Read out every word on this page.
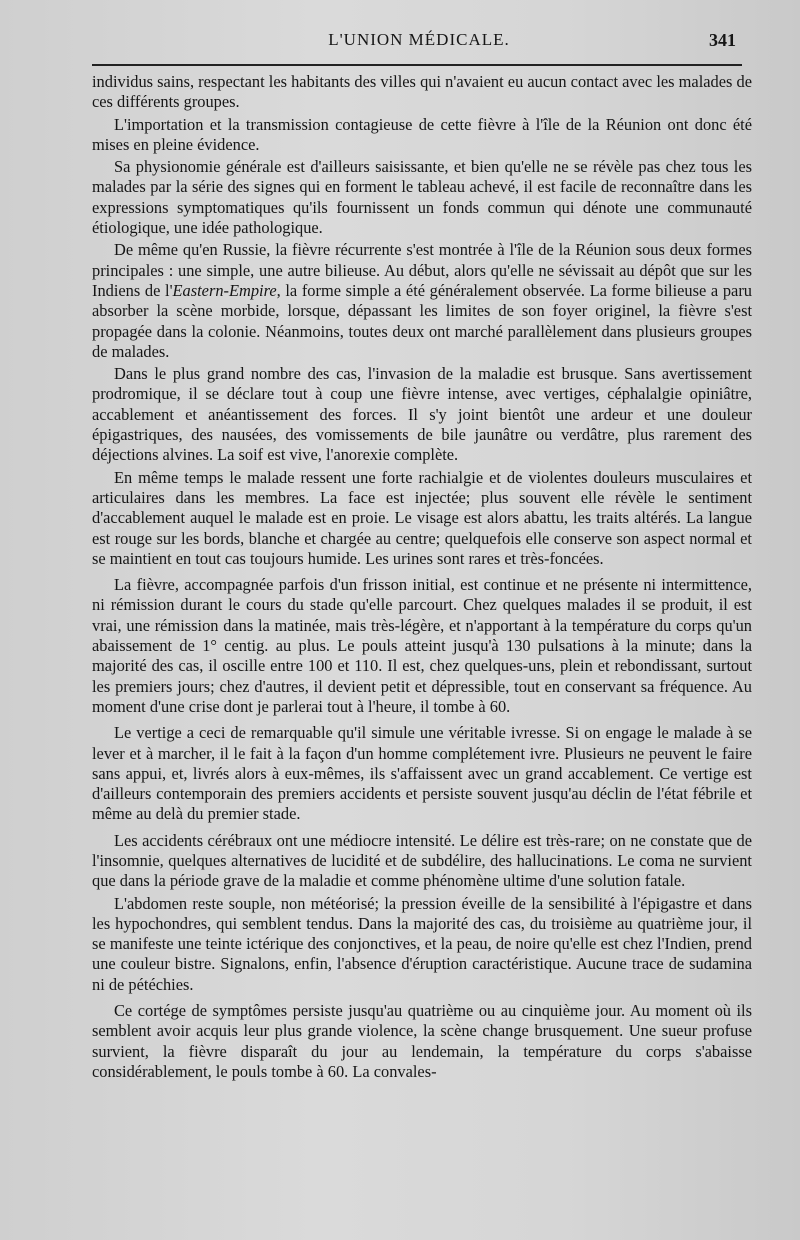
L'UNION MÉDICALE.	341

individus sains, respectant les habitants des villes qui n'avaient eu aucun contact avec les malades de ces différents groupes.

L'importation et la transmission contagieuse de cette fièvre à l'île de la Réunion ont donc été mises en pleine évidence.

Sa physionomie générale est d'ailleurs saisissante, et bien qu'elle ne se révèle pas chez tous les malades par la série des signes qui en forment le tableau achevé, il est facile de reconnaître dans les expressions symptomatiques qu'ils fournissent un fonds commun qui dénote une communauté étiologique, une idée pathologique.

De même qu'en Russie, la fièvre récurrente s'est montrée à l'île de la Réunion sous deux formes principales : une simple, une autre bilieuse. Au début, alors qu'elle ne sévissait au dépôt que sur les Indiens de l'Eastern-Empire, la forme simple a été généralement observée. La forme bilieuse a paru absorber la scène morbide, lorsque, dépassant les limites de son foyer originel, la fièvre s'est propagée dans la colonie. Néanmoins, toutes deux ont marché parallèlement dans plusieurs groupes de malades.

Dans le plus grand nombre des cas, l'invasion de la maladie est brusque. Sans avertissement prodromique, il se déclare tout à coup une fièvre intense, avec vertiges, céphalalgie opiniâtre, accablement et anéantissement des forces. Il s'y joint bientôt une ardeur et une douleur épigastriques, des nausées, des vomissements de bile jaunâtre ou verdâtre, plus rarement des déjections alvines. La soif est vive, l'anorexie complète.

En même temps le malade ressent une forte rachialgie et de violentes douleurs musculaires et articulaires dans les membres. La face est injectée; plus souvent elle révèle le sentiment d'accablement auquel le malade est en proie. Le visage est alors abattu, les traits altérés. La langue est rouge sur les bords, blanche et chargée au centre; quelquefois elle conserve son aspect normal et se maintient en tout cas toujours humide. Les urines sont rares et très-foncées.

La fièvre, accompagnée parfois d'un frisson initial, est continue et ne présente ni intermittence, ni rémission durant le cours du stade qu'elle parcourt. Chez quelques malades il se produit, il est vrai, une rémission dans la matinée, mais très-légère, et n'apportant à la température du corps qu'un abaissement de 1° centig. au plus. Le pouls atteint jusqu'à 130 pulsations à la minute; dans la majorité des cas, il oscille entre 100 et 110. Il est, chez quelques-uns, plein et rebondissant, surtout les premiers jours; chez d'autres, il devient petit et dépressible, tout en conservant sa fréquence. Au moment d'une crise dont je parlerai tout à l'heure, il tombe à 60.

Le vertige a ceci de remarquable qu'il simule une véritable ivresse. Si on engage le malade à se lever et à marcher, il le fait à la façon d'un homme complétement ivre. Plusieurs ne peuvent le faire sans appui, et, livrés alors à eux-mêmes, ils s'affaissent avec un grand accablement. Ce vertige est d'ailleurs contemporain des premiers accidents et persiste souvent jusqu'au déclin de l'état fébrile et même au delà du premier stade.

Les accidents cérébraux ont une médiocre intensité. Le délire est très-rare; on ne constate que de l'insomnie, quelques alternatives de lucidité et de subdélire, des hallucinations. Le coma ne survient que dans la période grave de la maladie et comme phénomène ultime d'une solution fatale.

L'abdomen reste souple, non météorisé; la pression éveille de la sensibilité à l'épigastre et dans les hypochondres, qui semblent tendus. Dans la majorité des cas, du troisième au quatrième jour, il se manifeste une teinte ictérique des conjonctives, et la peau, de noire qu'elle est chez l'Indien, prend une couleur bistre. Signalons, enfin, l'absence d'éruption caractéristique. Aucune trace de sudamina ni de pétéchies.

Ce cortége de symptômes persiste jusqu'au quatrième ou au cinquième jour. Au moment où ils semblent avoir acquis leur plus grande violence, la scène change brusquement. Une sueur profuse survient, la fièvre disparaît du jour au lendemain, la température du corps s'abaisse considérablement, le pouls tombe à 60. La convales-
